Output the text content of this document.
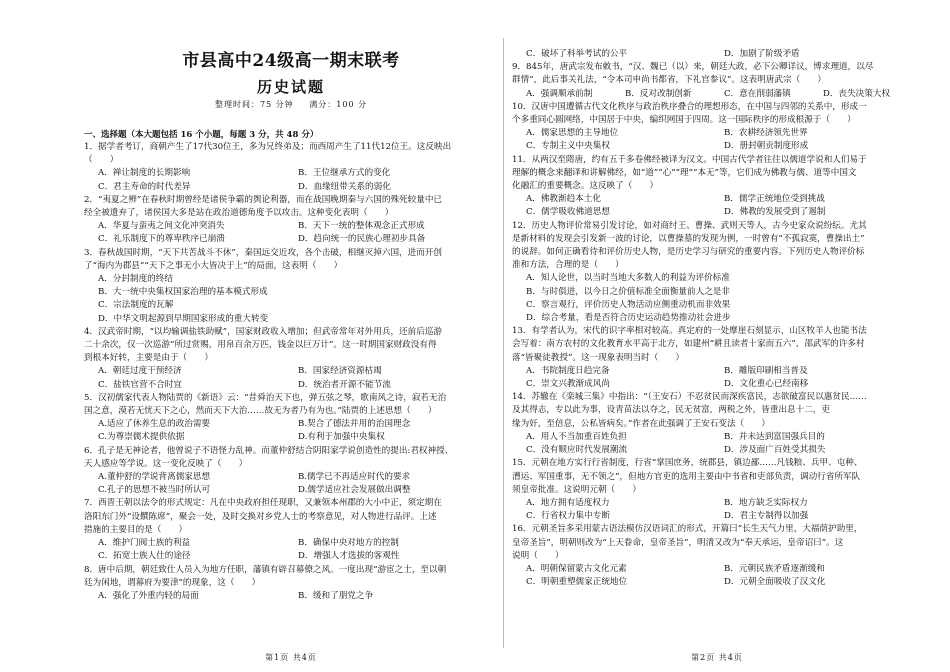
市县高中24级高一期末联考
历史试题
整理时间：75 分钟 满分：100 分
一、选择题（本大题包括 16 个小题，每题 3 分，共 48 分）
1．据学者考订，商朝产生了17代30位王，多为兄终弟及；而西周产生了11代12位王。这反映出
（　　）
A．禅让制度的长期影响	B．王位继承方式的变化
C．君主寿命的时代差异	D．血缘纽带关系的弱化
2．“夷夏之辨”在春秋时期曾经是诸侯争霸的舆论利器，而在战国晚期秦与六国的殊死较量中已
经全被遗弃了，诸侯国大多是站在政治道德角度予以攻击。这种变化表明（　　）
A．华夏与蛮夷之间文化冲突消失	B．天下一统的整体观念正式形成
C．礼乐制度下的尊卑秩序已崩溃	D．趋向统一的民族心理初步具备
3．春秋战国时期，“天下共苦战斗不休”，秦国远交近攻，各个击破，相继灭掉六国，进而开创
了“海内为郡县”“天下之事无小大皆决于上”的局面，这表明（　　）
A．分封制度的终结
B．大一统中央集权国家治理的基本模式形成
C．宗法制度的瓦解
D．中华文明起源到早期国家形成的重大转变
4．汉武帝时期，“以均输调盐铁助赋”，国家财政收入增加；但武帝常年对外用兵，还前后巡游
二十余次，仅一次巡游“所过赏赐，用帛百余万匹，钱金以巨万计”。这一时期国家财政没有得
到根本好转，主要是由于（　　）
A．朝廷过度干预经济	B．国家经济资源枯竭
C．盐铁官营不合时宜	D．统治者开源不能节流
5．汉初儒家代表人物陆贾的《新语》云：“昔舜治天下也，弹五弦之琴，歌南风之诗，寂若无治
国之意，漠若无忧天下之心，然而天下大治……故无为者乃有为也。”陆贾的上述思想（　　）
A.适应了休养生息的政治需要	B.契合了德法并用的治国理念
C.为尊崇儒术提供依据	D.有利于加强中央集权
6．孔子是无神论者，他曾说子不语怪力乱神。而董仲舒结合阴阳家学说创造性的提出:君权神授、
天人感应等学说。这一变化反映了（　　）
A.董仲舒的学说背离儒家思想	B.儒学已不再适应时代的要求
C.孔子的思想不被当时所认可	D.儒学适应社会发展做出调整
7．西晋王朝以法令的形式规定：凡在中央政府担任现职，又兼领本州郡的大小中正，须定期在
洛阳东门外“设饌陈席”，聚会一处，及时交换对乡党人士的考察意见，对人物进行品评。上述
措施的主要目的是（　　）
A．维护门阀士族的利益	B．确保中央对地方的控制
C．拓宽士族人仕的途径	D．增强人才选拔的客观性
8．唐中后期，朝廷致仕人员入为地方任职，藩镇有辟召幕僚之风。一度出现“游宦之士，至以朝
廷为闲地，谓幕府为要津”的现象，这（　　）
A．强化了外重内轻的局面	B．缓和了朋党之争
第1页 共4页
C．破坏了科举考试的公平	D．加剧了阶级矛盾
9．845年，唐武宗发布敕书，“汉、魏已（以）来，朝廷大政，必下公卿详议，博求理道，以尽
群情”，此后事关礼法，“令本司申尚书都省，下礼官参议”。这表明唐武宗（　　）
A．强调顺承前制	B．反对改制创新	C．意在削弱藩镇	D．丧失决策大权
10．汉唐中国遭循古代文化秩序与政治秩序叠合的理想形态，在中国与四邻的关系中，形成一
个多重同心圆网络，中国居于中央，编织网国于四周。这一国际秩序的形成根源于（　　）
A．儒家思想的主导地位	B．农耕经济领先世界
C．专制主义中央集权	D．册封朝贡制度形成
11．从两汉至隋唐，约有五千多卷佛经被译为汉文。中国古代学者往往以儒道学说和人们易于
理解的概念来翻译和讲解佛经，如“道”“心”“理”“本无”等，它们成为佛教与儒、道等中国文
化融汇的重要概念。这反映了（　　）
A．佛教渐趋本土化	B．儒学正统地位受到挑战
C．儒学吸收佛道思想	D．佛教的发展受到了遏制
12．历史人物评价常易引发讨论，如对商纣王、曹操、武则天等人，古今史家众说纷纭。尤其
是新材料的发现会引发新一波的讨论，以曹操墓的发现为例，一时曾有“不孤寂寞，曹操出土”
的说辞。如何正确看待和评价历史人物，是历史学习与研究的重要内容。下列历史人物评价标
准和方法，合理的是（　　）
A．知人论世，以当时当地大多数人的利益为评价标准
B．与时俱进，以今日之价值标准全面衡量前人之是非
C．察言观行，评价历史人物活动应侧重动机而非效果
D．综合考量，看是否符合历史运动趋势推动社会进步
13．有学者认为，宋代的识字率相对较高。真定府的一处摩崖石刻显示，山区牧羊人也能书法
会写着：南方农村的文化教育水平高于北方，如建州“耕且读者十家而五六”，邵武军的许多村
落“皆聚徒教授”。这一现象表明当时（　　）
A．书院制度日趋完备	B．雕版印刷相当普及
C．崇文兴教渐成风尚	D．文化重心已经南移
14．苏辙在《栾城三集》中指出：“（王安石）不忍贫民而深疾富民，志欲破富民以惠贫民……
及其得志，专以此为事，设青苗法以夺之，民无贫富，两税之外，皆重出息十二，吏
缘为奸，至倍息，公私皆病矣。”作者在此强调了王安石变法（　　）
A．用人不当加重百姓负担	B．并未达到富国强兵目的
C．没有顺应时代发展潮流	D．涉及面广百姓受其损失
15．元朝在地方实行行省制度，行省“掌国庶务，统郡县，镇边鄙……凡钱粮、兵甲、屯种、
漕运、军国重事，无不领之”，但地方官吏的选用主要由中书省和吏部负责，调动行省所军队
须皇帝批准。这说明元朝（　　）
A．地方拥有适度权力	B．地方缺乏实际权力
C．行省权力集中专断	D．君主专制得以加强
16．元朝圣旨多采用蒙古语法模仿汉语词汇的形式，开篇曰“长生天气力里，大福荫护助里，
皇帝圣旨”，明朝则改为“上天眷命，皇帝圣旨”，明清又改为“奉天承运，皇帝诏曰”。这
说明（　　）
A．明朝保留蒙古文化元素	B．元朝民族矛盾逐渐缓和
C．明朝重塑儒家正统地位	D．元朝全面吸收了汉文化
第2页 共4页
